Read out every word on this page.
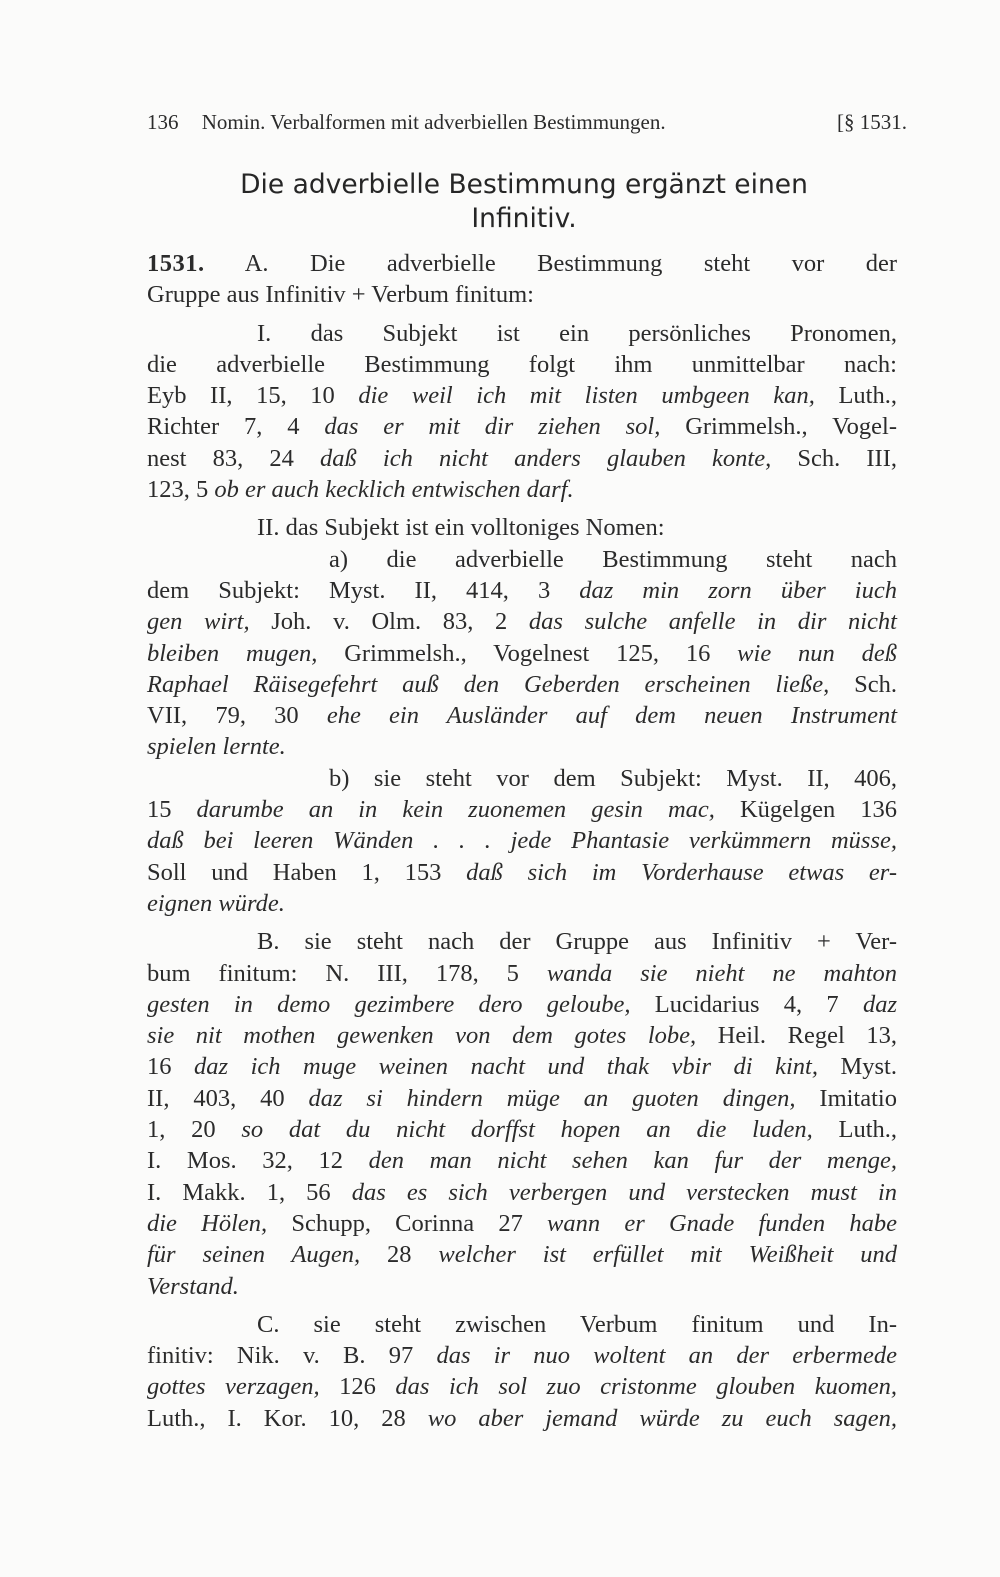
136 Nomin. Verbalformen mit adverbiellen Bestimmungen.	[§ 1531.
Die adverbielle Bestimmung ergänzt einen
Infinitiv.
1531. A. Die adverbielle Bestimmung steht vor der
Gruppe aus Infinitiv + Verbum finitum:
I. das Subjekt ist ein persönliches Pronomen,
die adverbielle Bestimmung folgt ihm unmittelbar nach:
Eyb II, 15, 10 die weil ich mit listen umbgeen kan, Luth.,
Richter 7, 4 das er mit dir ziehen sol, Grimmelsh., Vogel-
nest 83, 24 daß ich nicht anders glauben konte, Sch. III,
123, 5 ob er auch kecklich entwischen darf.
II. das Subjekt ist ein volltoniges Nomen:
a) die adverbielle Bestimmung steht nach
dem Subjekt: Myst. II, 414, 3 daz min zorn über iuch
gen wirt, Joh. v. Olm. 83, 2 das sulche anfelle in dir nicht
bleiben mugen, Grimmelsh., Vogelnest 125, 16 wie nun deß
Raphael Räisegefehrt auß den Geberden erscheinen ließe, Sch.
VII, 79, 30 ehe ein Ausländer auf dem neuen Instrument
spielen lernte.
b) sie steht vor dem Subjekt: Myst. II, 406,
15 darumbe an in kein zuonemen gesin mac, Kügelgen 136
daß bei leeren Wänden . . . jede Phantasie verkümmern müsse,
Soll und Haben 1, 153 daß sich im Vorderhause etwas er-
eignen würde.
B. sie steht nach der Gruppe aus Infinitiv + Ver-
bum finitum: N. III, 178, 5 wanda sie nieht ne mahton
gesten in demo gezimbere dero geloube, Lucidarius 4, 7 daz
sie nit mothen gewenken von dem gotes lobe, Heil. Regel 13,
16 daz ich muge weinen nacht und thak vbir di kint, Myst.
II, 403, 40 daz si hindern müge an guoten dingen, Imitatio
1, 20 so dat du nicht dorffst hopen an die luden, Luth.,
I. Mos. 32, 12 den man nicht sehen kan fur der menge,
I. Makk. 1, 56 das es sich verbergen und verstecken must in
die Hölen, Schupp, Corinna 27 wann er Gnade funden habe
für seinen Augen, 28 welcher ist erfüllet mit Weißheit und
Verstand.
C. sie steht zwischen Verbum finitum und In-
finitiv: Nik. v. B. 97 das ir nuo woltent an der erbermede
gottes verzagen, 126 das ich sol zuo cristonme glouben kuomen,
Luth., I. Kor. 10, 28 wo aber jemand würde zu euch sagen,
